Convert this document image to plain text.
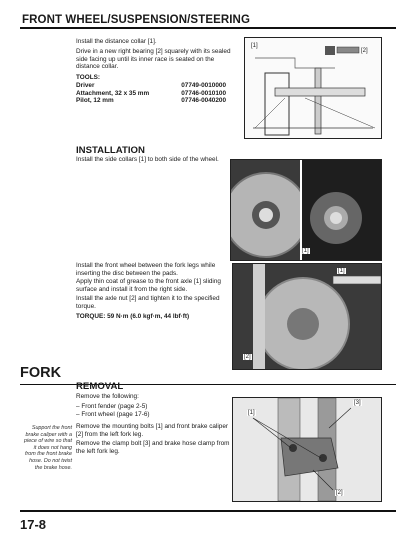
FRONT WHEEL/SUSPENSION/STEERING
Install the distance collar [1].
Drive in a new right bearing [2] squarely with its sealed side facing up until its inner race is seated on the distance collar.
TOOLS:
Driver	07749-0010000
Attachment, 32 x 35 mm	07746-0010100
Pilot, 12 mm	07746-0040200
[1]
[2]
INSTALLATION
Install the side collars [1] to both side of the wheel.
[1]
Install the front wheel between the fork legs while inserting the disc between the pads.
Apply thin coat of grease to the front axle [1] sliding surface and install it from the right side.
Install the axle nut [2] and tighten it to the specified torque.
TORQUE: 59 N·m (6.0 kgf·m, 44 lbf·ft)
[1]
[2]
FORK
REMOVAL
Remove the following:
– Front fender (page 2-5)
– Front wheel (page 17-6)
Remove the mounting bolts [1] and front brake caliper [2] from the left fork leg.
Remove the clamp bolt [3] and brake hose clamp from the left fork leg.
Support the front brake caliper with a piece of wire so that it does not hang from the front brake hose. Do not twist the brake hose.
[1]
[2]
[3]
17-8
